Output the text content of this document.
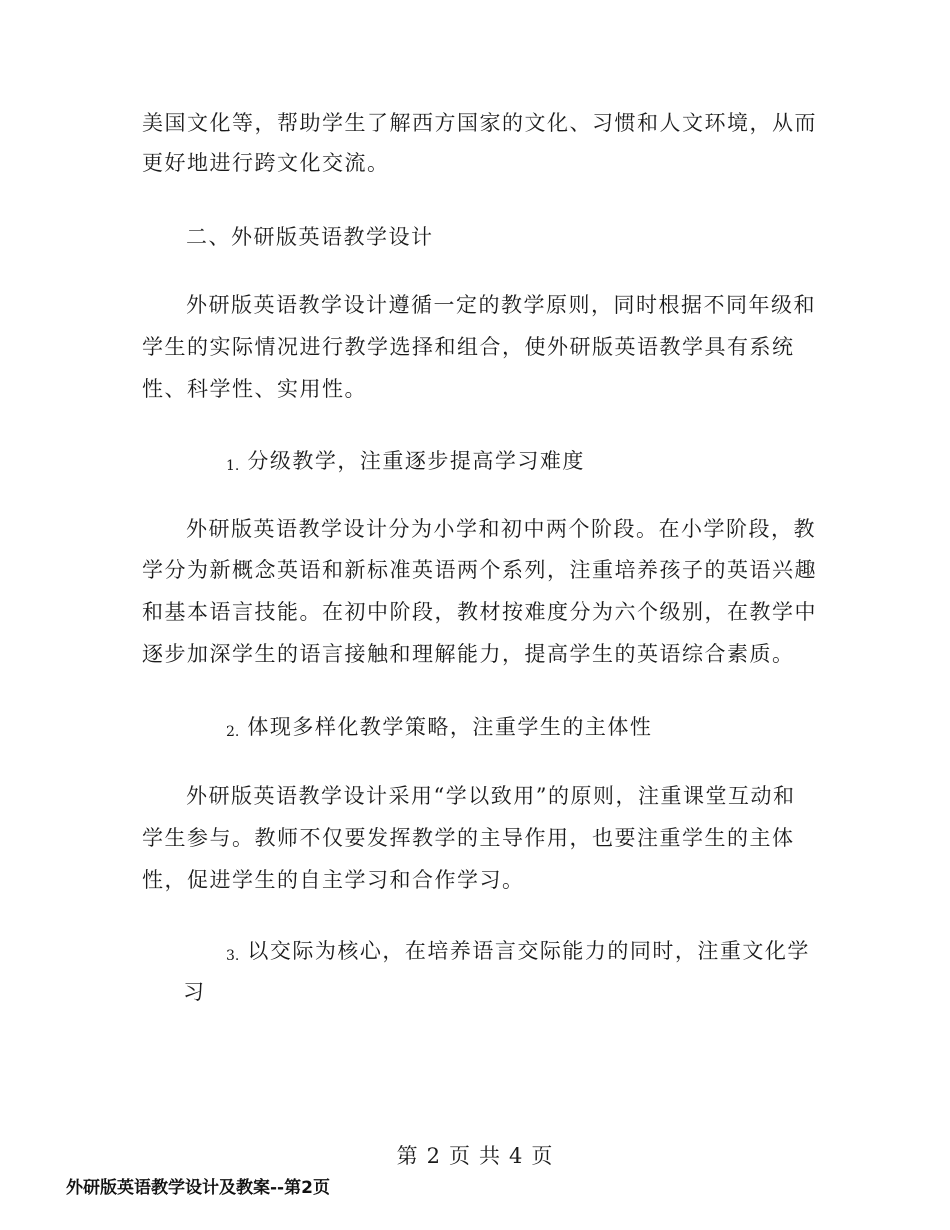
美国文化等，帮助学生了解西方国家的文化、习惯和人文环境，从而
更好地进行跨文化交流。
二、外研版英语教学设计
外研版英语教学设计遵循一定的教学原则，同时根据不同年级和
学生的实际情况进行教学选择和组合，使外研版英语教学具有系统
性、科学性、实用性。
1. 分级教学，注重逐步提高学习难度
外研版英语教学设计分为小学和初中两个阶段。在小学阶段，教
学分为新概念英语和新标准英语两个系列，注重培养孩子的英语兴趣
和基本语言技能。在初中阶段，教材按难度分为六个级别，在教学中
逐步加深学生的语言接触和理解能力，提高学生的英语综合素质。
2. 体现多样化教学策略，注重学生的主体性
外研版英语教学设计采用“学以致用”的原则，注重课堂互动和
学生参与。教师不仅要发挥教学的主导作用，也要注重学生的主体
性，促进学生的自主学习和合作学习。
3. 以交际为核心，在培养语言交际能力的同时，注重文化学
习
第 2 页 共 4 页
外研版英语教学设计及教案--第2页
